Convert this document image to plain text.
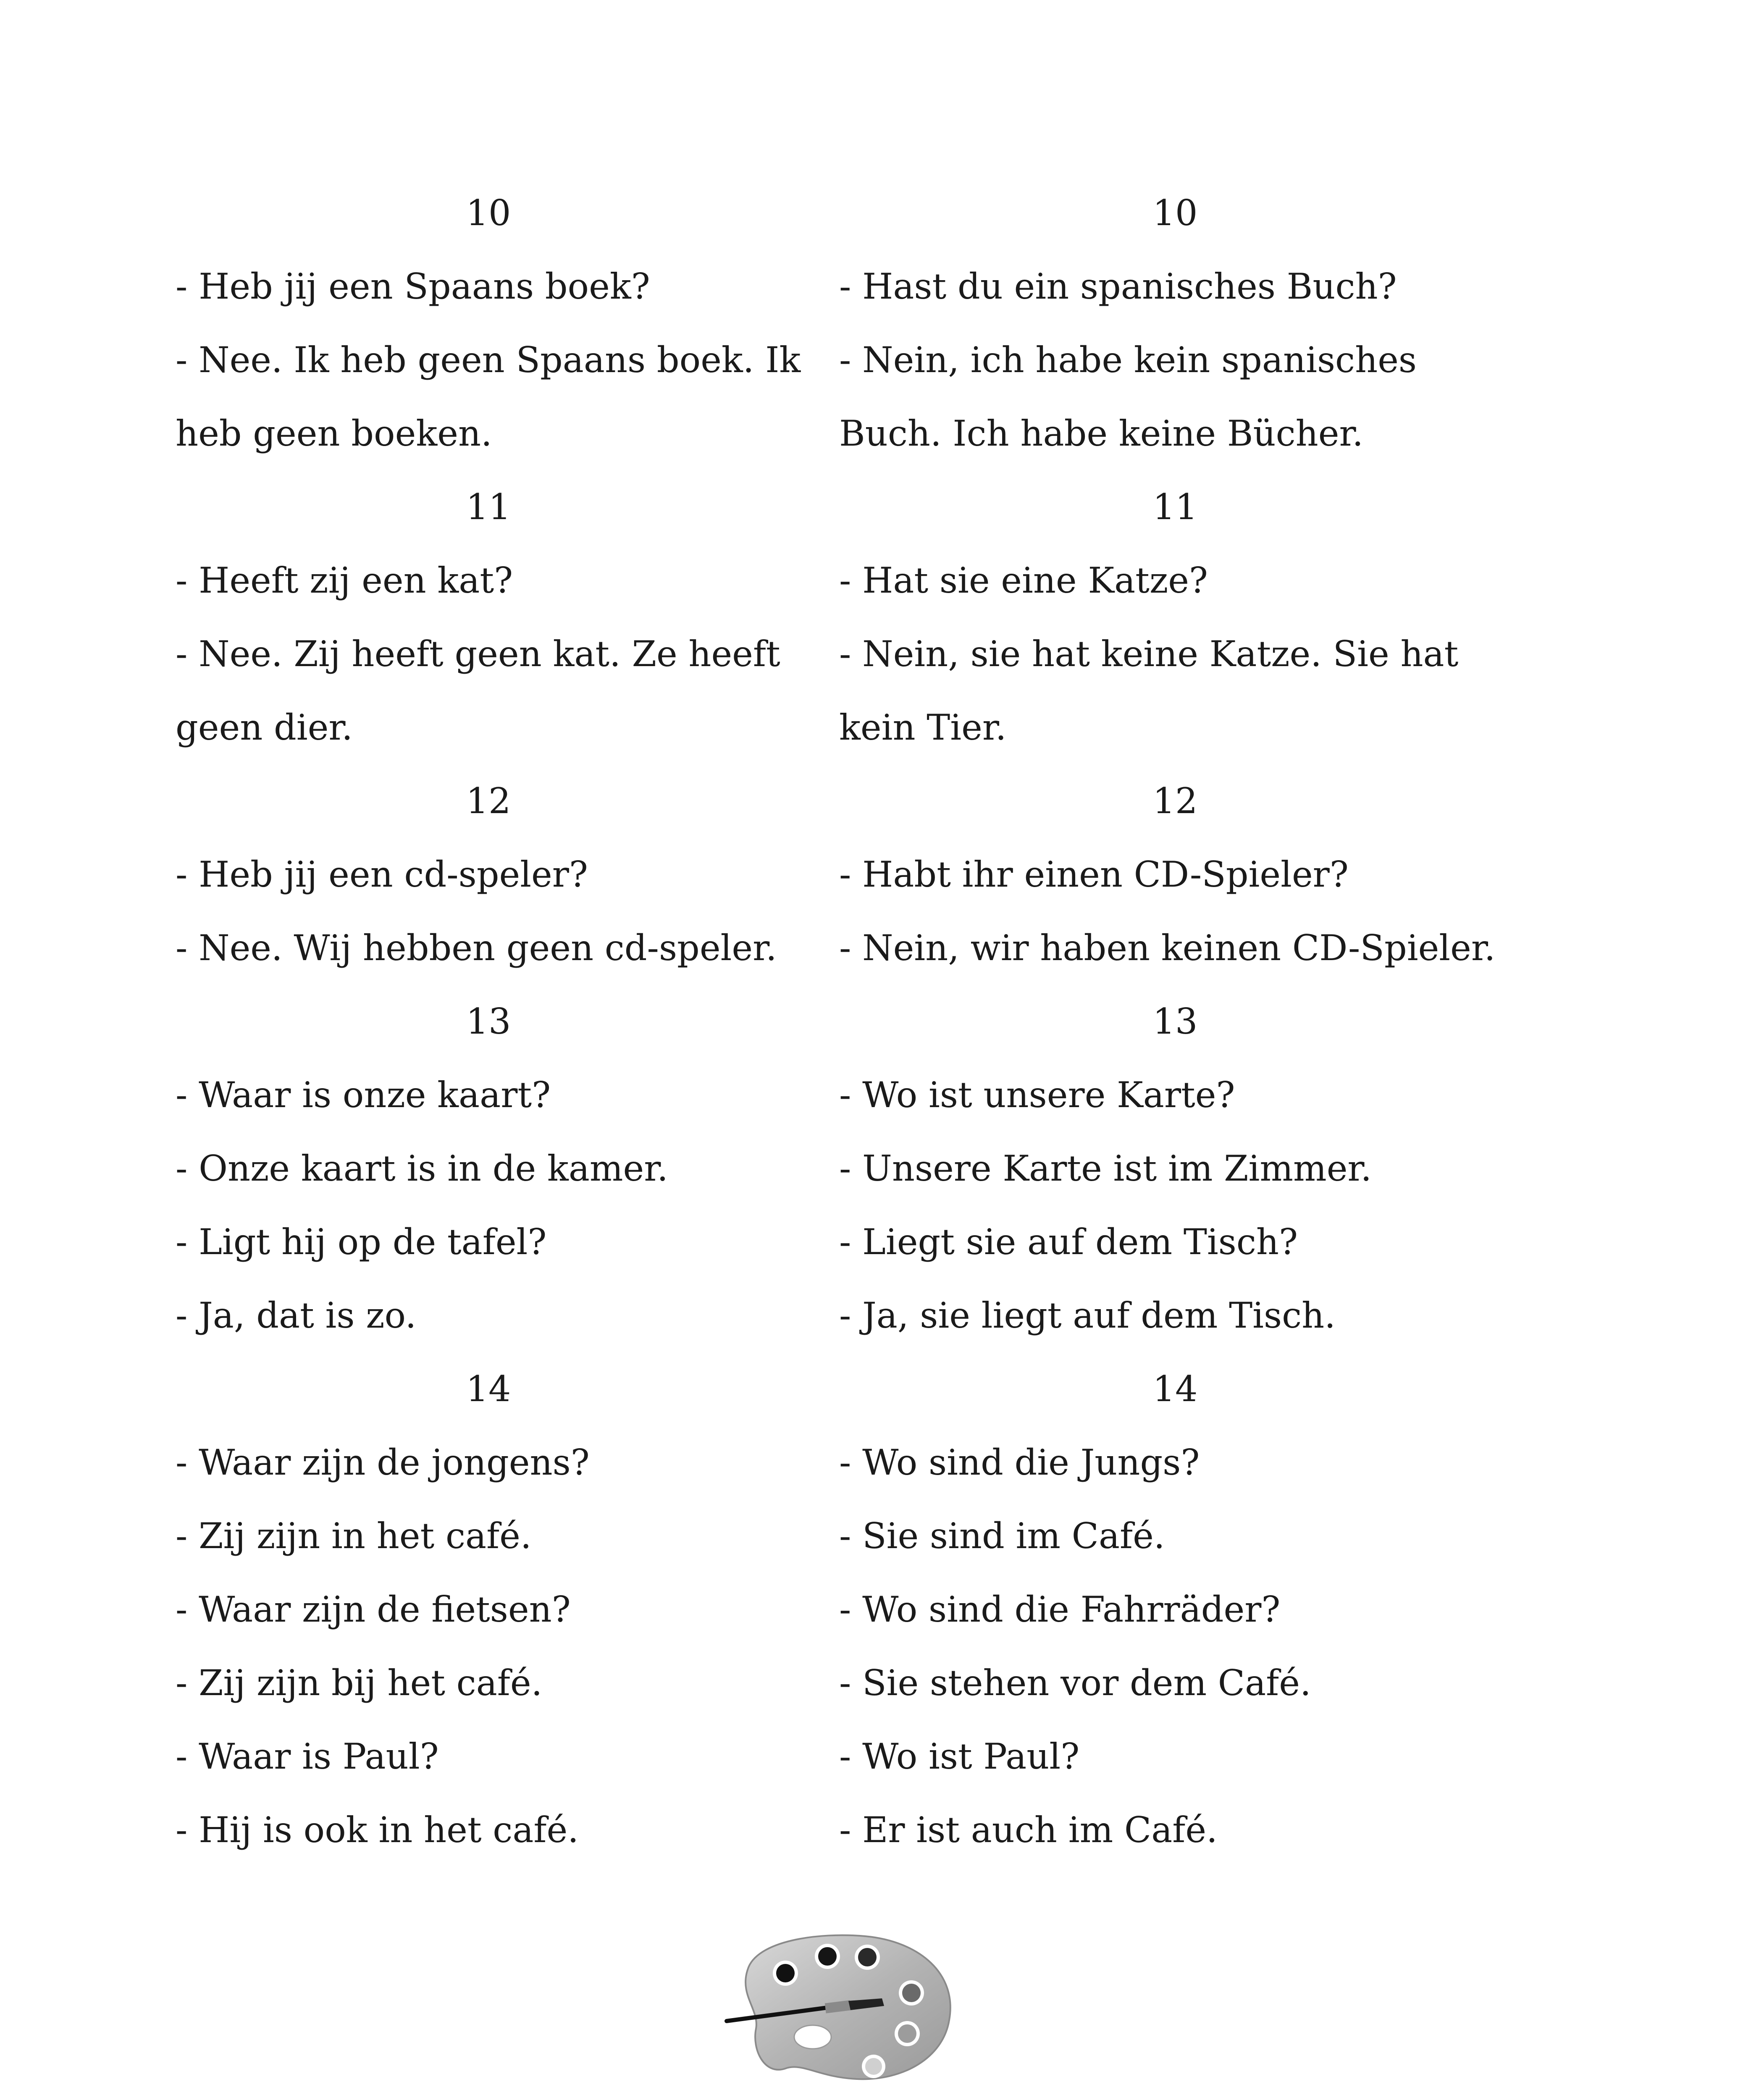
10
- Heb jij een Spaans boek?
- Nee. Ik heb geen Spaans boek. Ik
heb geen boeken.
11
- Heeft zij een kat?
- Nee. Zij heeft geen kat. Ze heeft
geen dier.
12
- Heb jij een cd-speler?
- Nee. Wij hebben geen cd-speler.
13
- Waar is onze kaart?
- Onze kaart is in de kamer.
- Ligt hij op de tafel?
- Ja, dat is zo.
14
- Waar zijn de jongens?
- Zij zijn in het café.
- Waar zijn de fietsen?
- Zij zijn bij het café.
- Waar is Paul?
- Hij is ook in het café.
10
- Hast du ein spanisches Buch?
- Nein, ich habe kein spanisches
Buch. Ich habe keine Bücher.
11
- Hat sie eine Katze?
- Nein, sie hat keine Katze. Sie hat
kein Tier.
12
- Habt ihr einen CD-Spieler?
- Nein, wir haben keinen CD-Spieler.
13
- Wo ist unsere Karte?
- Unsere Karte ist im Zimmer.
- Liegt sie auf dem Tisch?
- Ja, sie liegt auf dem Tisch.
14
- Wo sind die Jungs?
- Sie sind im Café.
- Wo sind die Fahrräder?
- Sie stehen vor dem Café.
- Wo ist Paul?
- Er ist auch im Café.
